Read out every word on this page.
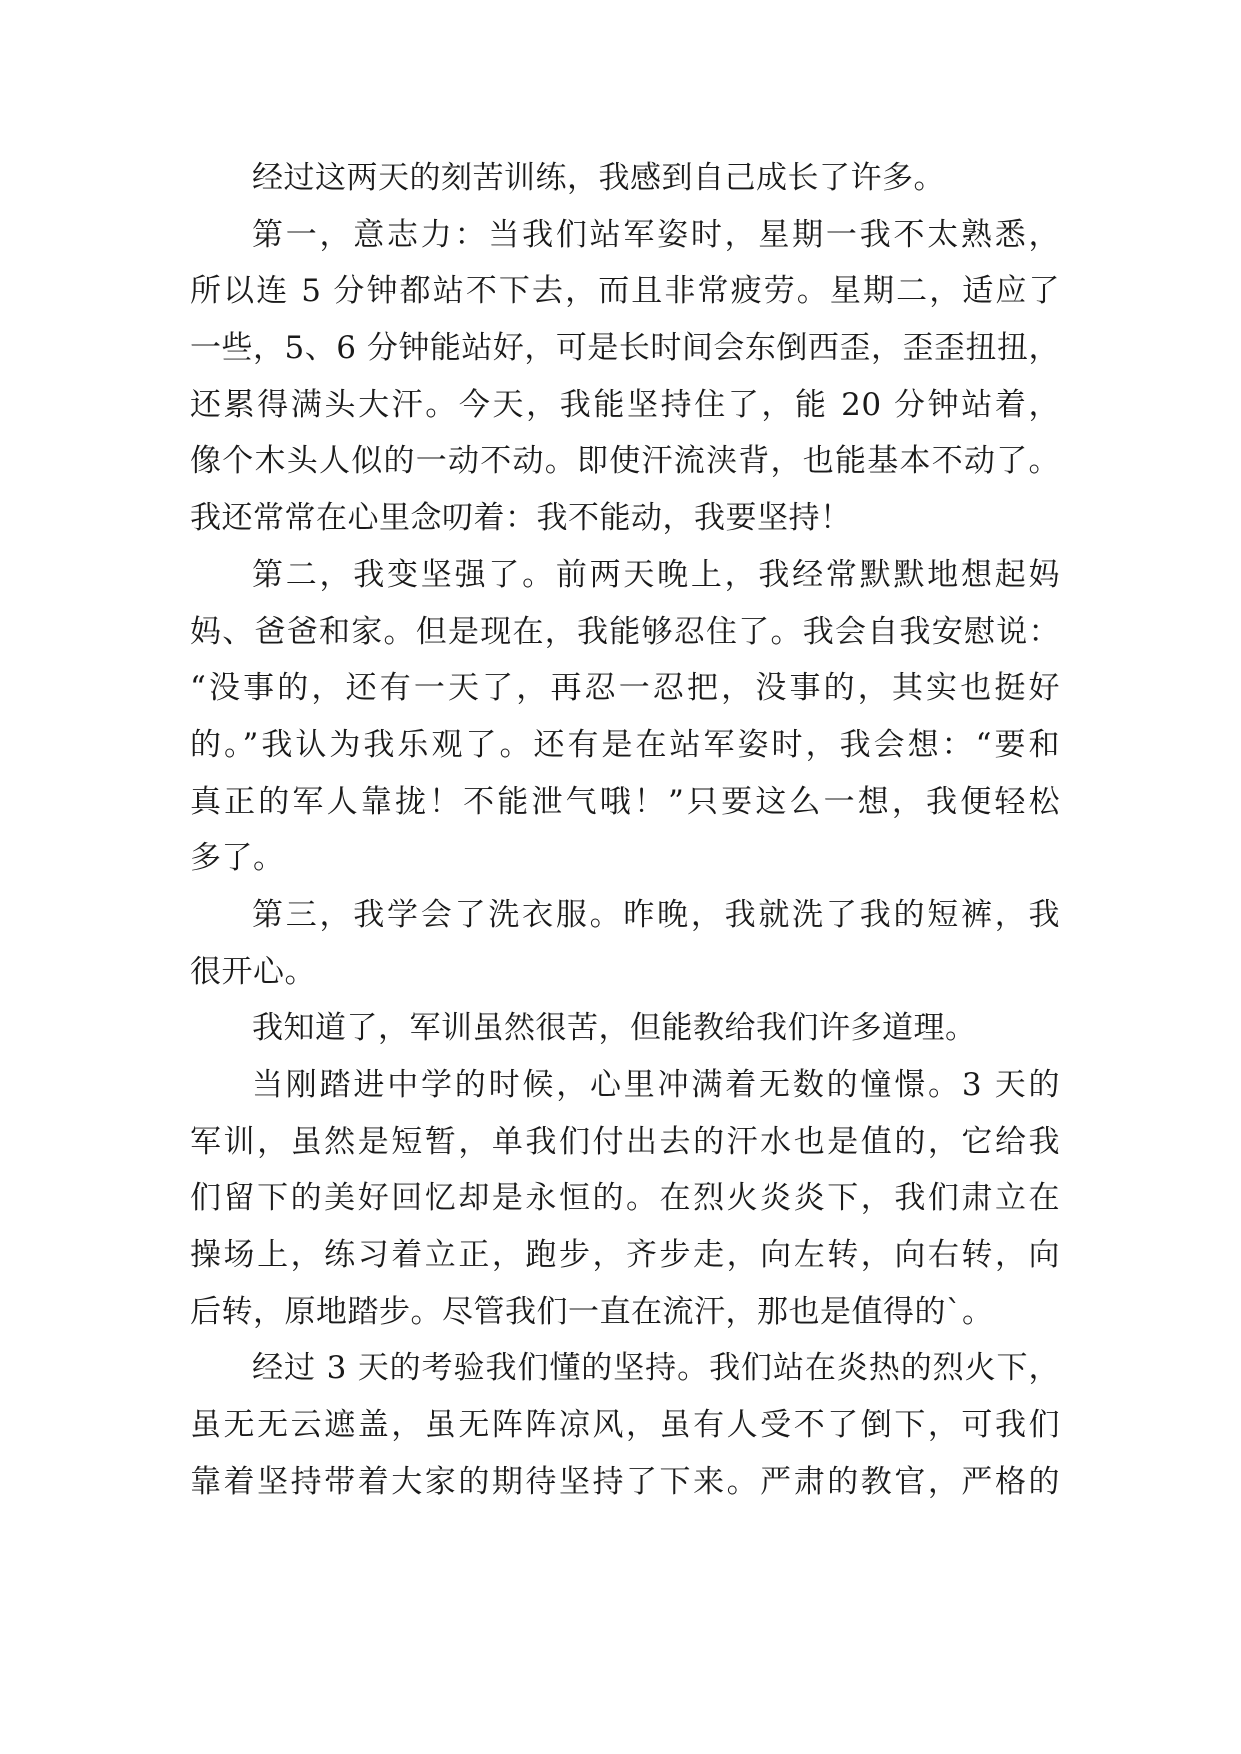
经过这两天的刻苦训练，我感到自己成长了许多。
第一，意志力：当我们站军姿时，星期一我不太熟悉，
所以连 5 分钟都站不下去，而且非常疲劳。星期二，适应了
一些，5、6 分钟能站好，可是长时间会东倒西歪，歪歪扭扭，
还累得满头大汗。今天，我能坚持住了，能 20 分钟站着，
像个木头人似的一动不动。即使汗流浃背，也能基本不动了。
我还常常在心里念叨着：我不能动，我要坚持！
第二，我变坚强了。前两天晚上，我经常默默地想起妈
妈、爸爸和家。但是现在，我能够忍住了。我会自我安慰说：
“没事的，还有一天了，再忍一忍把，没事的，其实也挺好
的。”我认为我乐观了。还有是在站军姿时，我会想：“要和
真正的军人靠拢！不能泄气哦！”只要这么一想，我便轻松
多了。
第三，我学会了洗衣服。昨晚，我就洗了我的短裤，我
很开心。
我知道了，军训虽然很苦，但能教给我们许多道理。
当刚踏进中学的时候，心里冲满着无数的憧憬。3 天的
军训，虽然是短暂，单我们付出去的汗水也是值的，它给我
们留下的美好回忆却是永恒的。在烈火炎炎下，我们肃立在
操场上，练习着立正，跑步，齐步走，向左转，向右转，向
后转，原地踏步。尽管我们一直在流汗，那也是值得的`。
经过 3 天的考验我们懂的坚持。我们站在炎热的烈火下，
虽无无云遮盖，虽无阵阵凉风，虽有人受不了倒下，可我们
靠着坚持带着大家的期待坚持了下来。严肃的教官，严格的
